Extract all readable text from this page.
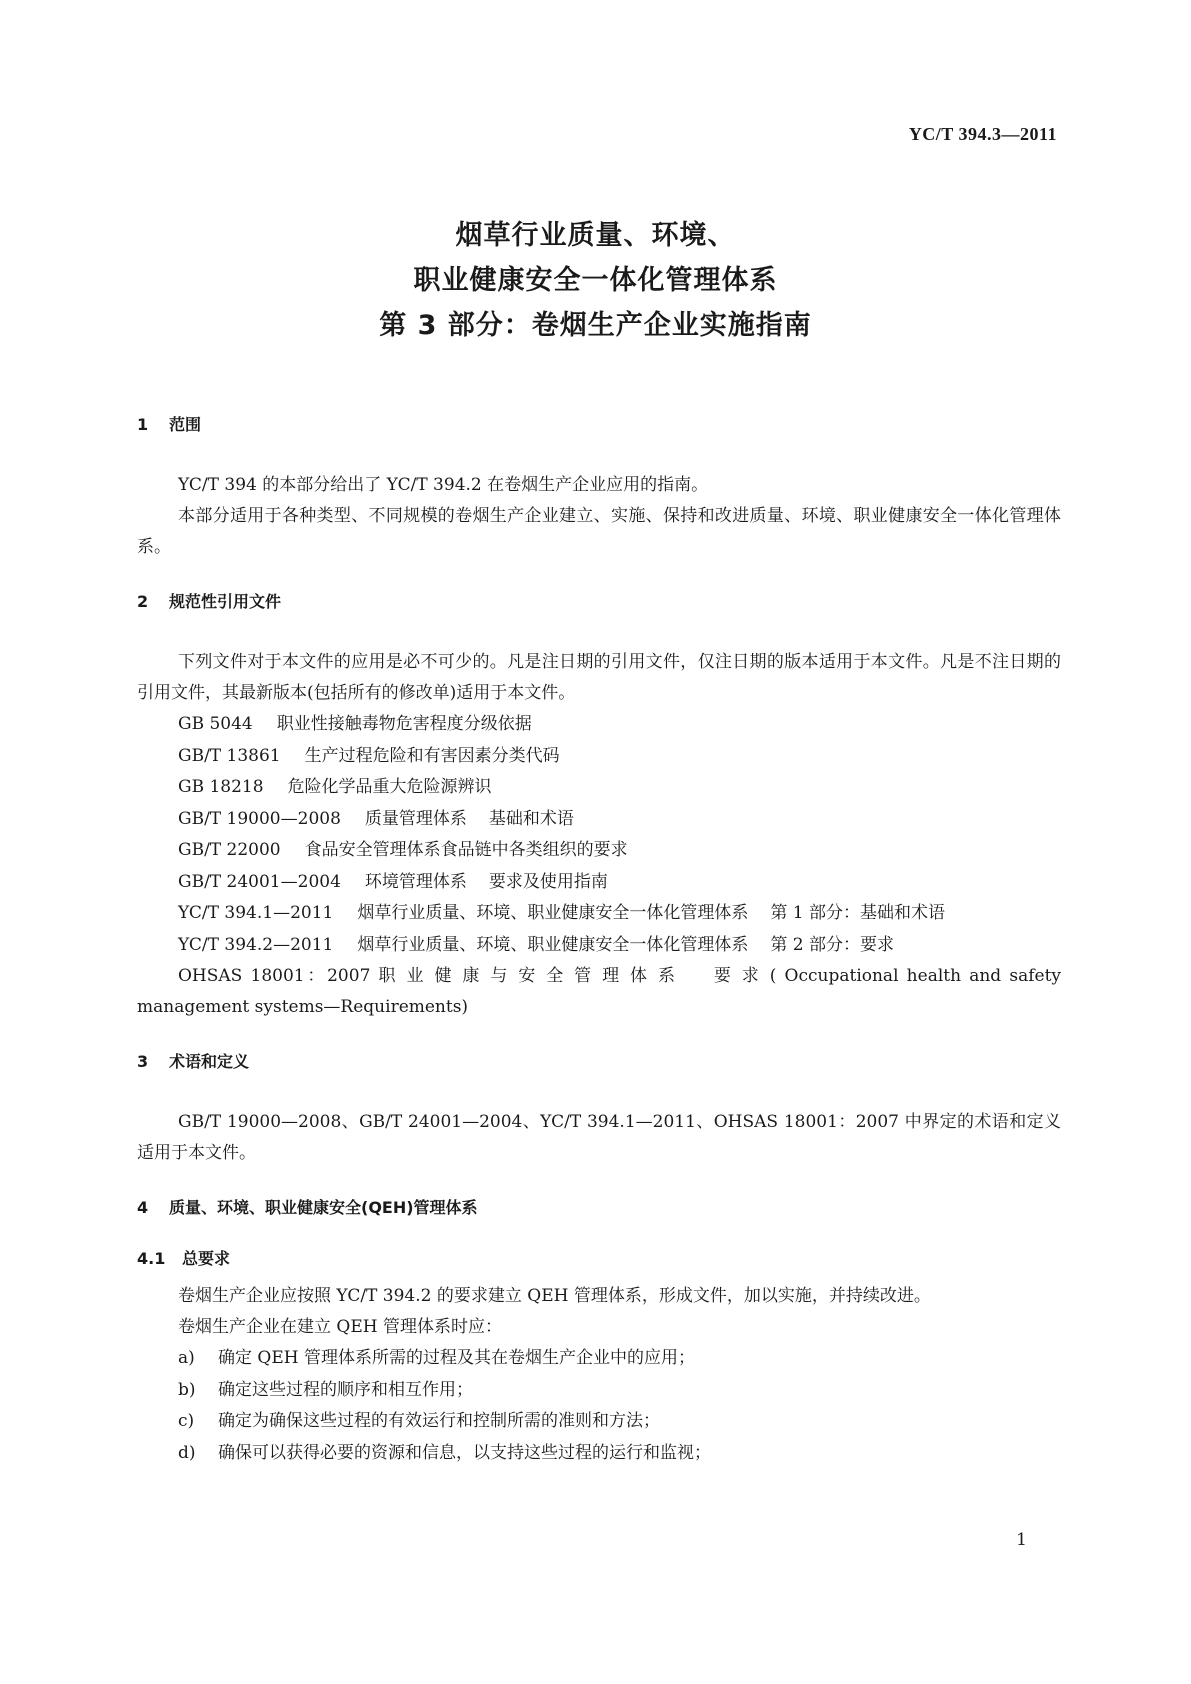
YC/T 394.3—2011
烟草行业质量、环境、
职业健康安全一体化管理体系
第 3 部分：卷烟生产企业实施指南
1 范围
YC/T 394 的本部分给出了 YC/T 394.2 在卷烟生产企业应用的指南。
本部分适用于各种类型、不同规模的卷烟生产企业建立、实施、保持和改进质量、环境、职业健康安全一体化管理体系。
2 规范性引用文件
下列文件对于本文件的应用是必不可少的。凡是注日期的引用文件，仅注日期的版本适用于本文件。凡是不注日期的引用文件，其最新版本(包括所有的修改单)适用于本文件。
GB 5044 职业性接触毒物危害程度分级依据
GB/T 13861 生产过程危险和有害因素分类代码
GB 18218 危险化学品重大危险源辨识
GB/T 19000—2008 质量管理体系 基础和术语
GB/T 22000 食品安全管理体系食品链中各类组织的要求
GB/T 24001—2004 环境管理体系 要求及使用指南
YC/T 394.1—2011 烟草行业质量、环境、职业健康安全一体化管理体系 第 1 部分：基础和术语
YC/T 394.2—2011 烟草行业质量、环境、职业健康安全一体化管理体系 第 2 部分：要求
OHSAS 18001：2007 职 业 健 康 与 安 全 管 理 体 系 　 要 求 ( Occupational health and safety
management systems—Requirements)
3 术语和定义
GB/T 19000—2008、GB/T 24001—2004、YC/T 394.1—2011、OHSAS 18001：2007 中界定的术语和定义适用于本文件。
4 质量、环境、职业健康安全(QEH)管理体系
4.1 总要求
卷烟生产企业应按照 YC/T 394.2 的要求建立 QEH 管理体系，形成文件，加以实施，并持续改进。
卷烟生产企业在建立 QEH 管理体系时应：
a) 确定 QEH 管理体系所需的过程及其在卷烟生产企业中的应用；
b) 确定这些过程的顺序和相互作用；
c) 确定为确保这些过程的有效运行和控制所需的准则和方法；
d) 确保可以获得必要的资源和信息，以支持这些过程的运行和监视；
1
